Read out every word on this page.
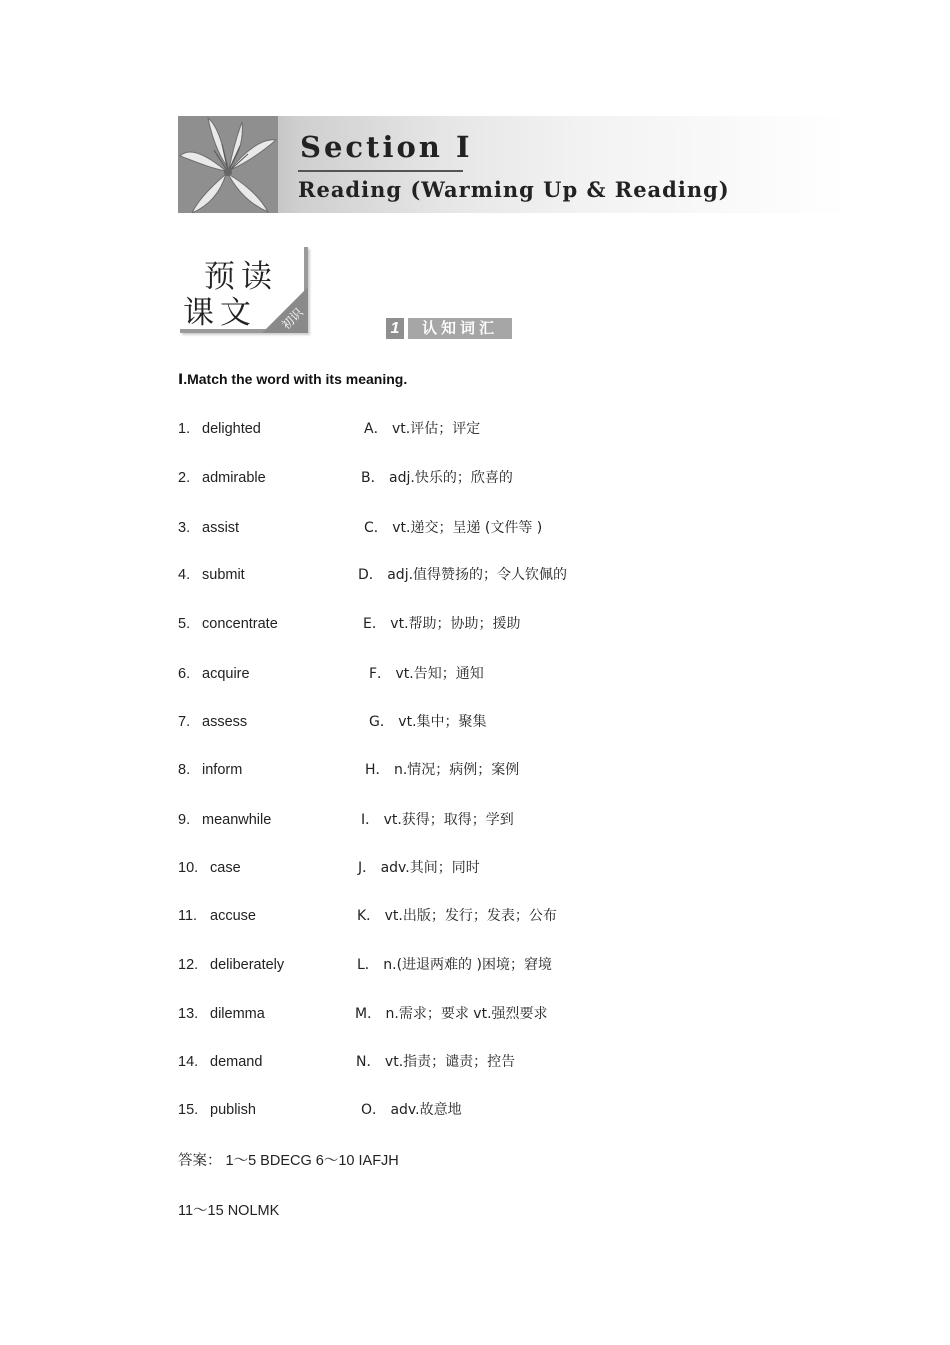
Section Ⅰ
Reading (Warming Up & Reading)
预读
课文 初识	1	认知词汇
Ⅰ.Match the word with its meaning.
1. delighted	A． vt.评估；评定
2. admirable	B． adj.快乐的；欣喜的
3. assist	C． vt.递交；呈递 (文件等 )
4. submit	D． adj.值得赞扬的；令人钦佩的
5. concentrate	E． vt.帮助；协助；援助
6. acquire	F． vt.告知；通知
7. assess	G． vt.集中；聚集
8. inform	H． n.情况；病例；案例
9. meanwhile	I． vt.获得；取得；学到
10. case	J． adv.其间；同时
11. accuse	K． vt.出版；发行；发表；公布
12. deliberately	L． n.(进退两难的 )困境；窘境
13. dilemma	M． n.需求；要求 vt.强烈要求
14. demand	N． vt.指责；谴责；控告
15. publish	O． adv.故意地
答案： 1～5 BDECG 6～10 IAFJH
11～15 NOLMK
